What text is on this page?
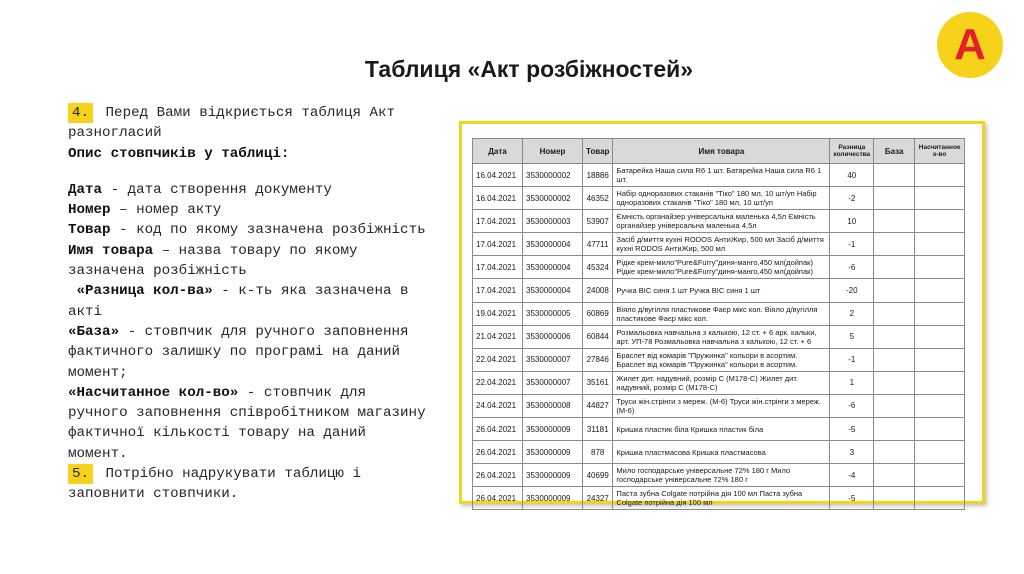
А
Таблиця «Акт розбіжностей»

4. Перед Вами відкриється таблиця Акт разногласий

Опис стовпчиків у таблиці:

Дата - дата створення документу

Номер – номер акту

Товар - код по якому зазначена розбіжність

Имя товара – назва товару по якому зазначена розбіжність

«Разница кол-ва» - к-ть яка зазначена в акті

«База» - стовпчик для ручного заповнення фактичного залишку по програмі на даний момент;

«Насчитанное кол-во» - стовпчик для ручного заповнення співробітником магазину фактичної кількості товару на даний момент.

5. Потрібно надрукувати таблицю і заповнити стовпчики.

Дата	Номер	Товар	Имя товара	Разница количества	База	Насчитанное к-во
16.04.2021	3530000002	18886	Батарейка Наша сила R6 1 шт. Батарейка Наша сила R6 1 шт.	40		
16.04.2021	3530000002	46352	Набір одноразових стаканів "Тіко" 180 мл, 10 шт/уп Набір одноразових стаканів "Тіко" 180 мл, 10 шт/уп	-2		
17.04.2021	3530000003	53907	Ємність органайзер універсальна маленька 4,5л Ємність органайзер універсальна маленька 4,5л	10		
17.04.2021	3530000004	47711	Засіб д/миття кухні RODOS АнтиЖир, 500 мл Засіб д/миття кухні RODOS АнтиЖир, 500 мл	-1		
17.04.2021	3530000004	45324	Рідке крем-мило"Pure&Furry"диня-манго,450 мл(дойпак) Рідке крем-мило"Pure&Furry"диня-манго,450 мл(дойпак)	-6		
17.04.2021	3530000004	24008	Ручка BIC синя 1 шт Ручка BIC синя 1 шт	-20		
19.04.2021	3530000005	60869	Віяло д/вугілля пластикове Фаєр мікс кол. Віяло д/вугілля пластикове Фаєр мікс кол.	2		
21.04.2021	3530000006	60844	Розмальовка навчальна з калькою, 12 ст. + 6 арк. кальки, арт. УП-78 Розмальовка навчальна з калькою, 12 ст. + 6	5		
22.04.2021	3530000007	27846	Браслет від комарів "Пружинка" кольори в асортим. Браслет від комарів "Пружинка" кольори в асортим.	-1		
22.04.2021	3530000007	35161	Жилет дит. надувний, розмір С (М178-С) Жилет дит. надувний, розмір С (М178-С)	1		
24.04.2021	3530000008	44827	Труси жін.стрінги з мереж. (М-6) Труси жін.стрінги з мереж. (М-6)	-6		
26.04.2021	3530000009	31181	Кришка пластик біла Кришка пластик біла	-5		
26.04.2021	3530000009	878	Кришка пластмасова Кришка пластмасова	3		
26.04.2021	3530000009	40699	Мило господарське універсальне 72% 180 г Мило господарське універсальне 72% 180 г	-4		
26.04.2021	3530000009	24327	Паста зубна Colgate потрійна дія 100 мл Паста зубна Colgate потрійна дія 100 мл	-5		
